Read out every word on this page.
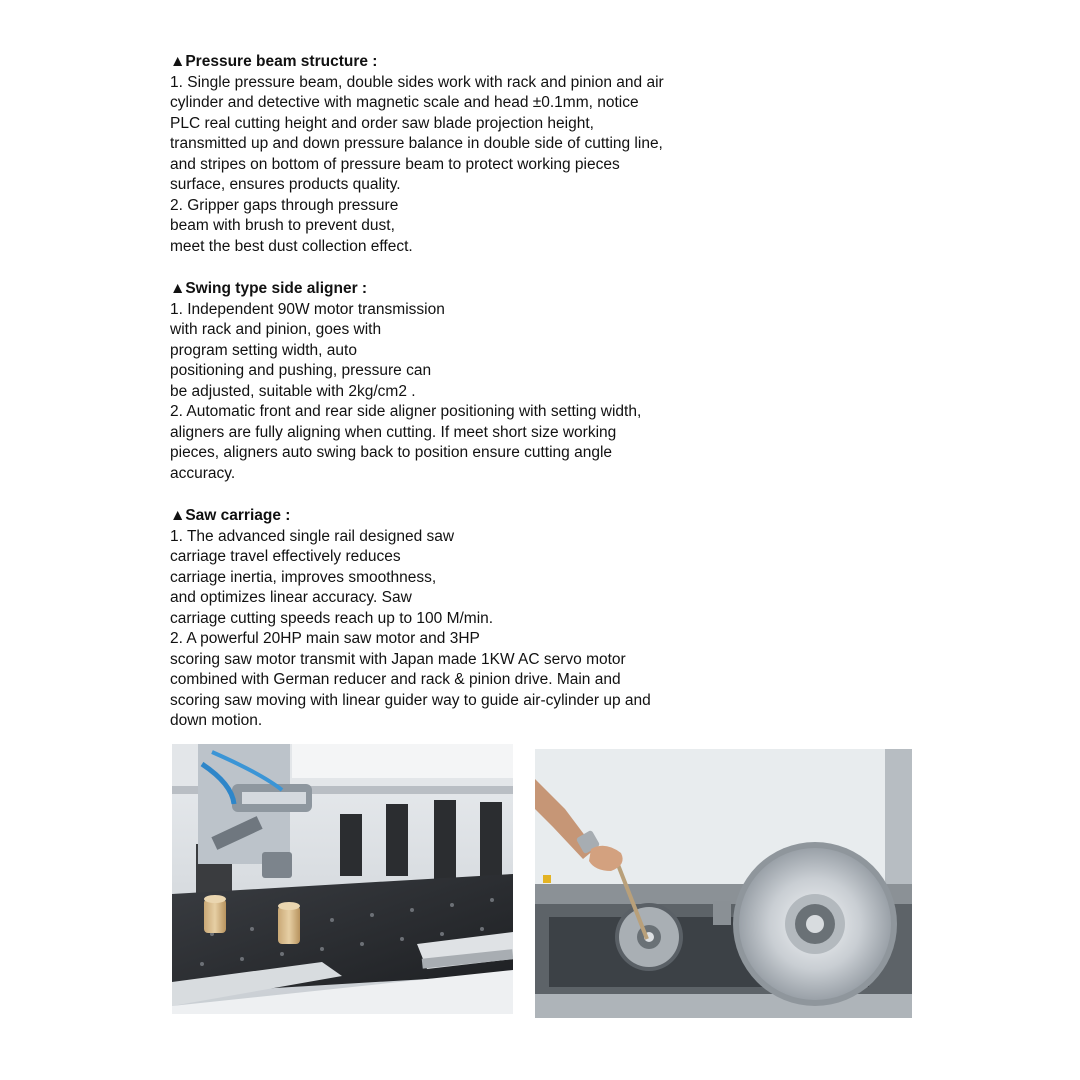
▲Pressure beam structure :
1. Single pressure beam, double sides work with rack and pinion and air
cylinder and detective with magnetic scale and head ±0.1mm, notice
PLC real cutting height and order saw blade projection height,
transmitted up and down pressure balance in double side of cutting line,
and stripes on bottom of pressure beam to protect working pieces
surface, ensures products quality.
2. Gripper gaps through pressure
beam with brush to prevent dust,
meet the best dust collection effect.
▲Swing type side aligner :
1. Independent 90W motor transmission
with rack and pinion, goes with
program setting width, auto
positioning and pushing, pressure can
be adjusted, suitable with 2kg/cm2 .
2. Automatic front and rear side aligner positioning with setting width,
aligners are fully aligning when cutting. If meet short size working
pieces, aligners auto swing back to position ensure cutting angle
accuracy.
▲Saw carriage :
1. The advanced single rail designed saw
carriage travel effectively reduces
carriage inertia, improves smoothness,
and optimizes linear accuracy. Saw
carriage cutting speeds reach up to 100 M/min.
2. A powerful 20HP main saw motor and 3HP
scoring saw motor transmit with Japan made 1KW AC servo motor
combined with German reducer and rack & pinion drive. Main and
scoring saw moving with linear guider way to guide air-cylinder up and
down motion.
